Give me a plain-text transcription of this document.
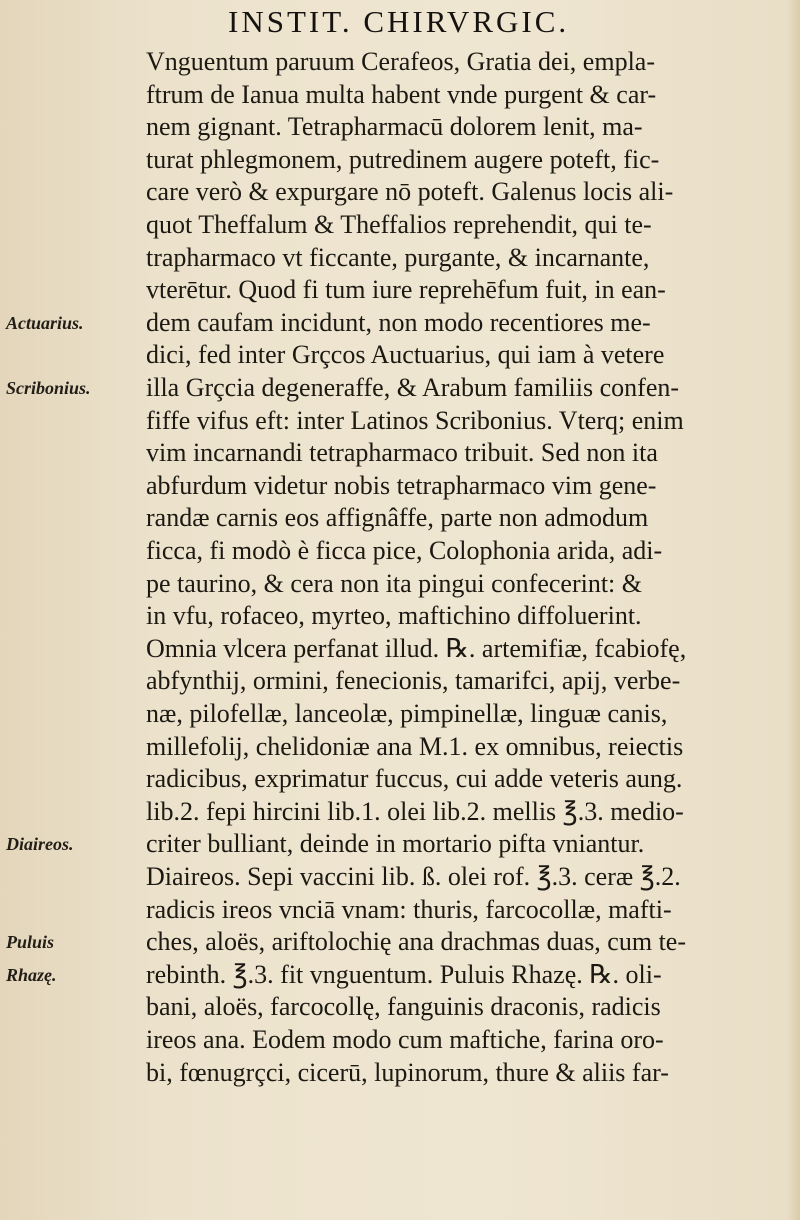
INSTIT. CHIRVRGIC.
Vnguentum paruum Cerafeos, Gratia dei, empla-
ftrum de Ianua multa habent vnde purgent & car-
nem gignant. Tetrapharmacū dolorem lenit, ma-
turat phlegmonem, putredinem augere poteft, fic-
care verò & expurgare nō poteft. Galenus locis ali-
quot Theffalum & Theffalios reprehendit, qui te-
trapharmaco vt ficcante, purgante, & incarnante,
vterētur. Quod fi tum iure reprehēfum fuit, in ean-
dem caufam incidunt, non modo recentiores me-
dici, fed inter Grçcos Auctuarius, qui iam à vetere
illa Grçcia degeneraffe, & Arabum familiis confen-
fiffe vifus eft: inter Latinos Scribonius. Vterq; enim
vim incarnandi tetrapharmaco tribuit. Sed non ita
abfurdum videtur nobis tetrapharmaco vim gene-
randæ carnis eos affignâffe, parte non admodum
ficca, fi modò è ficca pice, Colophonia arida, adi-
pe taurino, & cera non ita pingui confecerint: &
in vfu, rofaceo, myrteo, maftichino diffoluerint.
Omnia vlcera perfanat illud. ℞. artemifiæ, fcabiofę,
abfynthij, ormini, fenecionis, tamarifci, apij, verbe-
næ, pilofellæ, lanceolæ, pimpinellæ, linguæ canis,
millefolij, chelidoniæ ana M.1. ex omnibus, reiectis
radicibus, exprimatur fuccus, cui adde veteris aung.
lib.2. fepi hircini lib.1. olei lib.2. mellis ℥.3. medio-
criter bulliant, deinde in mortario pifta vniantur.
Diaireos. Sepi vaccini lib. ß. olei rof. ℥.3. ceræ ℥.2.
radicis ireos vnciā vnam: thuris, farcocollæ, mafti-
ches, aloës, ariftolochię ana drachmas duas, cum te-
rebinth. ℥.3. fit vnguentum. Puluis Rhazę. ℞. oli-
bani, aloës, farcocollę, fanguinis draconis, radicis
ireos ana. Eodem modo cum maftiche, farina oro-
bi, fœnugrçci, cicerū, lupinorum, thure & aliis far-
Actuarius.
Scribonius.
Diaireos.
Puluis
Rhazę.
